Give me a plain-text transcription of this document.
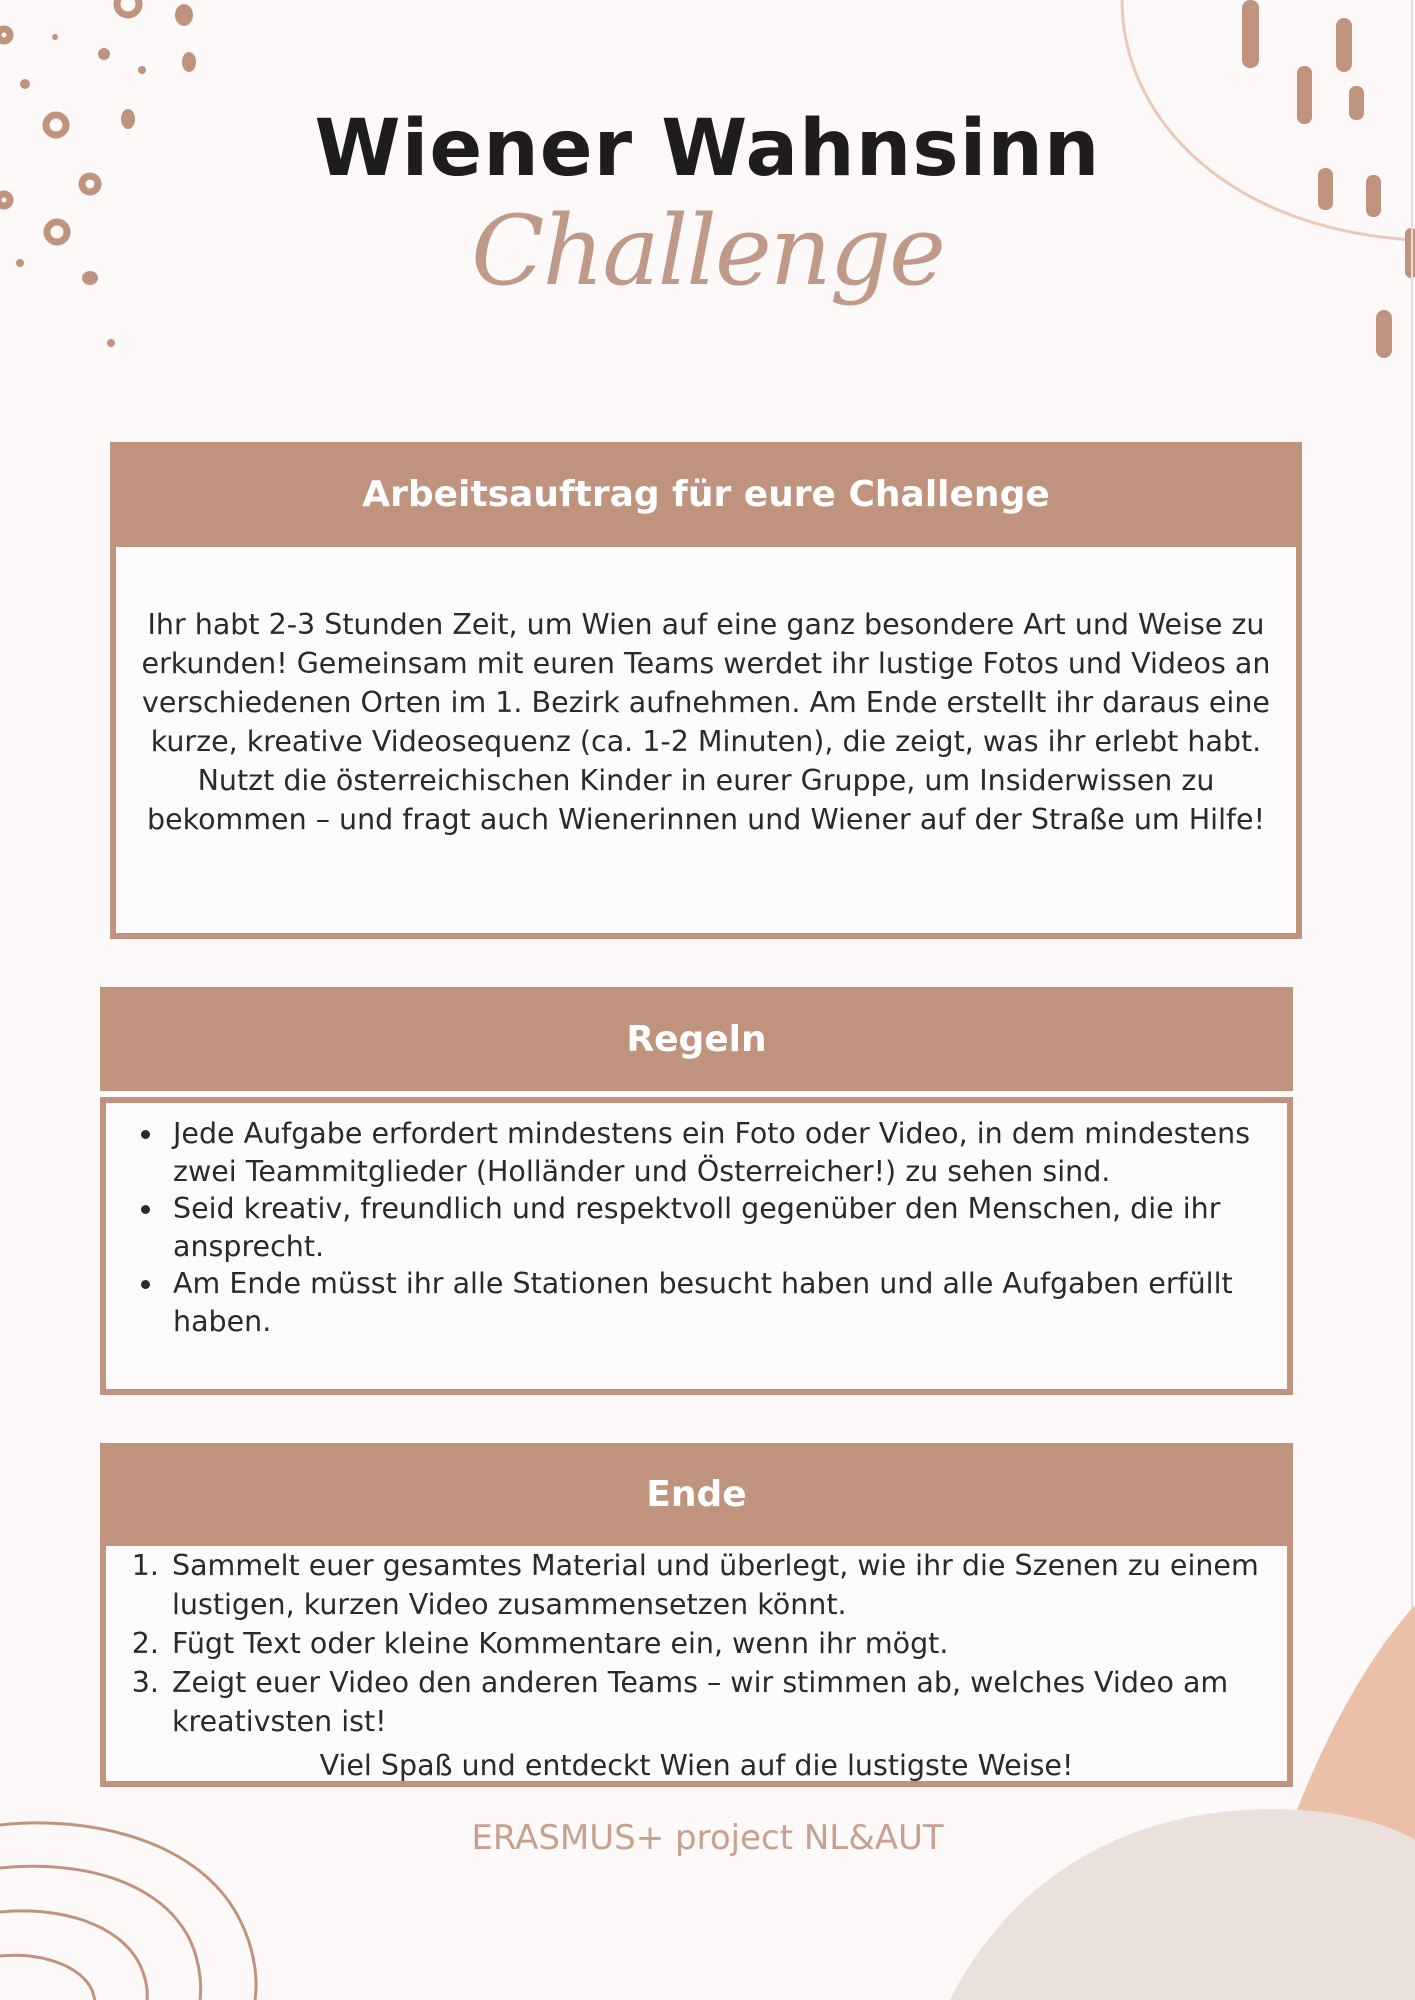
Wiener Wahnsinn
Challenge
Arbeitsauftrag für eure Challenge

Ihr habt 2-3 Stunden Zeit, um Wien auf eine ganz besondere Art und Weise zu erkunden! Gemeinsam mit euren Teams werdet ihr lustige Fotos und Videos an verschiedenen Orten im 1. Bezirk aufnehmen. Am Ende erstellt ihr daraus eine kurze, kreative Videosequenz (ca. 1-2 Minuten), die zeigt, was ihr erlebt habt. Nutzt die österreichischen Kinder in eurer Gruppe, um Insiderwissen zu bekommen – und fragt auch Wienerinnen und Wiener auf der Straße um Hilfe!

Regeln
• Jede Aufgabe erfordert mindestens ein Foto oder Video, in dem mindestens zwei Teammitglieder (Holländer und Österreicher!) zu sehen sind.
• Seid kreativ, freundlich und respektvoll gegenüber den Menschen, die ihr ansprecht.
• Am Ende müsst ihr alle Stationen besucht haben und alle Aufgaben erfüllt haben.
Ende
1. Sammelt euer gesamtes Material und überlegt, wie ihr die Szenen zu einem lustigen, kurzen Video zusammensetzen könnt.
2. Fügt Text oder kleine Kommentare ein, wenn ihr mögt.
3. Zeigt euer Video den anderen Teams – wir stimmen ab, welches Video am kreativsten ist!

Viel Spaß und entdeckt Wien auf die lustigste Weise!

ERASMUS+ project NL&AUT
